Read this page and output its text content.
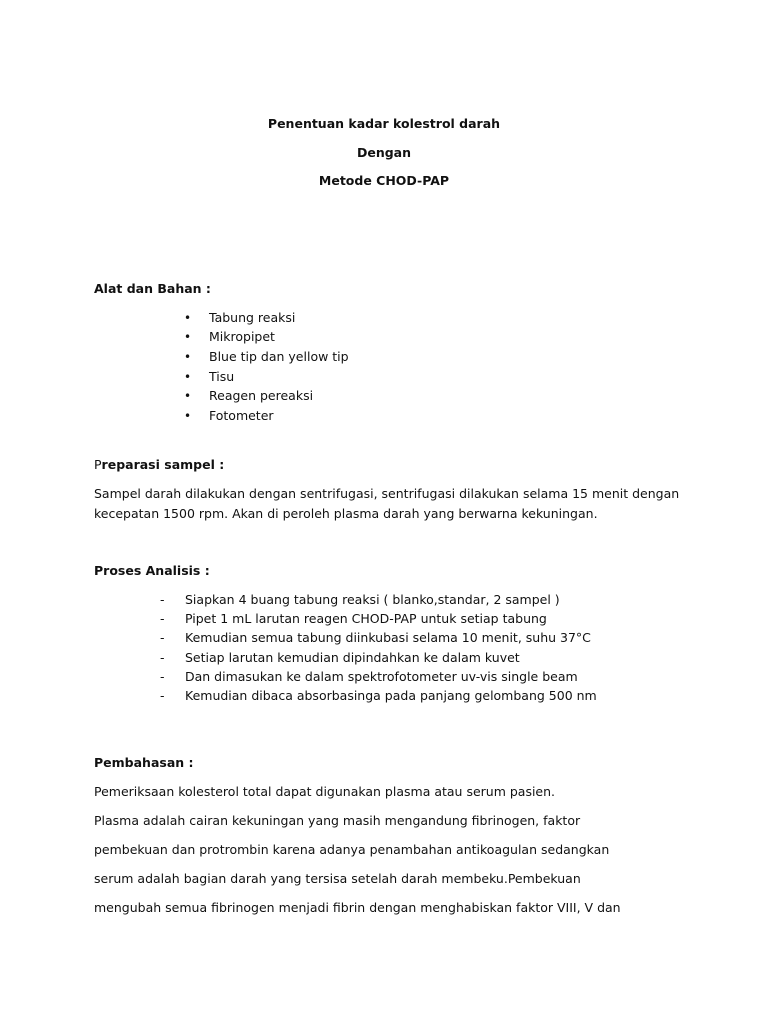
Penentuan kadar kolestrol darah
Dengan
Metode CHOD-PAP
Alat dan Bahan :
• Tabung reaksi
• Mikropipet
• Blue tip dan yellow tip
• Tisu
• Reagen pereaksi
• Fotometer
Preparasi sampel :
Sampel darah dilakukan dengan sentrifugasi, sentrifugasi dilakukan selama 15 menit dengan
kecepatan 1500 rpm. Akan di peroleh plasma darah yang berwarna kekuningan.
Proses Analisis :
- Siapkan 4 buang tabung reaksi ( blanko,standar, 2 sampel )
- Pipet 1 mL larutan reagen CHOD-PAP untuk setiap tabung
- Kemudian semua tabung diinkubasi selama 10 menit, suhu 37°C
- Setiap larutan kemudian dipindahkan ke dalam kuvet
- Dan dimasukan ke dalam spektrofotometer uv-vis single beam
- Kemudian dibaca absorbasinga pada panjang gelombang 500 nm
Pembahasan :
Pemeriksaan kolesterol total dapat digunakan plasma atau serum pasien.
Plasma adalah cairan kekuningan yang masih mengandung fibrinogen, faktor
pembekuan dan protrombin karena adanya penambahan antikoagulan sedangkan
serum adalah bagian darah yang tersisa setelah darah membeku.Pembekuan
mengubah semua fibrinogen menjadi fibrin dengan menghabiskan faktor VIII, V dan
